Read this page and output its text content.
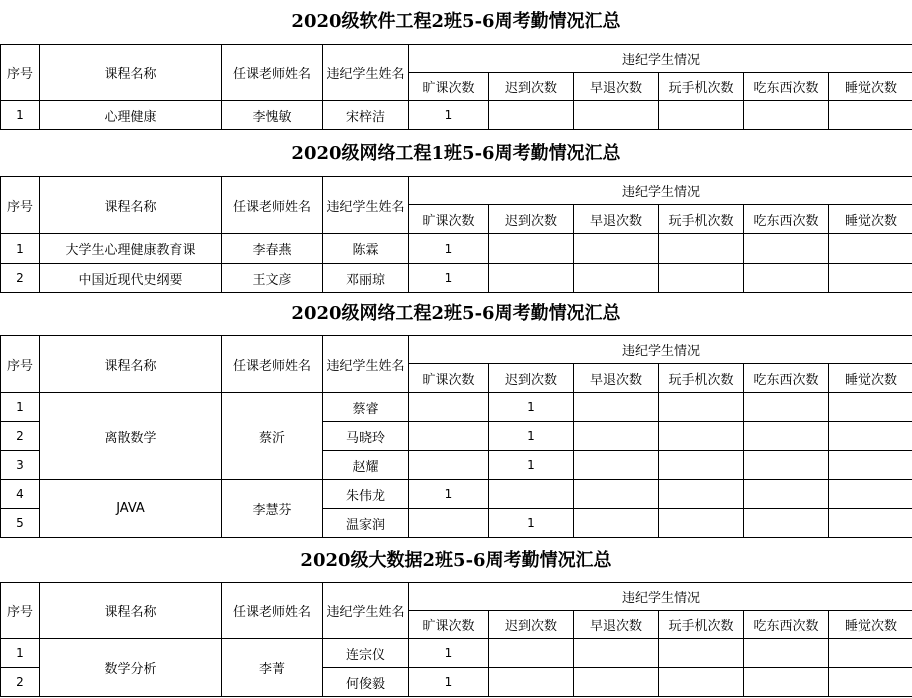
2020级软件工程2班5-6周考勤情况汇总
序号	课程名称	任课老师姓名	违纪学生姓名	违纪学生情况					
				旷课次数	迟到次数	早退次数	玩手机次数	吃东西次数	睡觉次数
1	心理健康	李愧敏	宋梓洁	1					
2020级网络工程1班5-6周考勤情况汇总
序号	课程名称	任课老师姓名	违纪学生姓名	违纪学生情况					
				旷课次数	迟到次数	早退次数	玩手机次数	吃东西次数	睡觉次数
1	大学生心理健康教育课	李春燕	陈霖	1					
2	中国近现代史纲要	王文彦	邓丽琼	1					
2020级网络工程2班5-6周考勤情况汇总
序号	课程名称	任课老师姓名	违纪学生姓名	违纪学生情况					
				旷课次数	迟到次数	早退次数	玩手机次数	吃东西次数	睡觉次数
1	离散数学	蔡沂	蔡睿		1				
2			马晓玲		1				
3			赵耀		1				
4	JAVA	李慧芬	朱伟龙	1					
5			温家润		1				
2020级大数据2班5-6周考勤情况汇总
序号	课程名称	任课老师姓名	违纪学生姓名	违纪学生情况					
				旷课次数	迟到次数	早退次数	玩手机次数	吃东西次数	睡觉次数
1	数学分析	李菁	连宗仪	1					
2			何俊毅	1					
